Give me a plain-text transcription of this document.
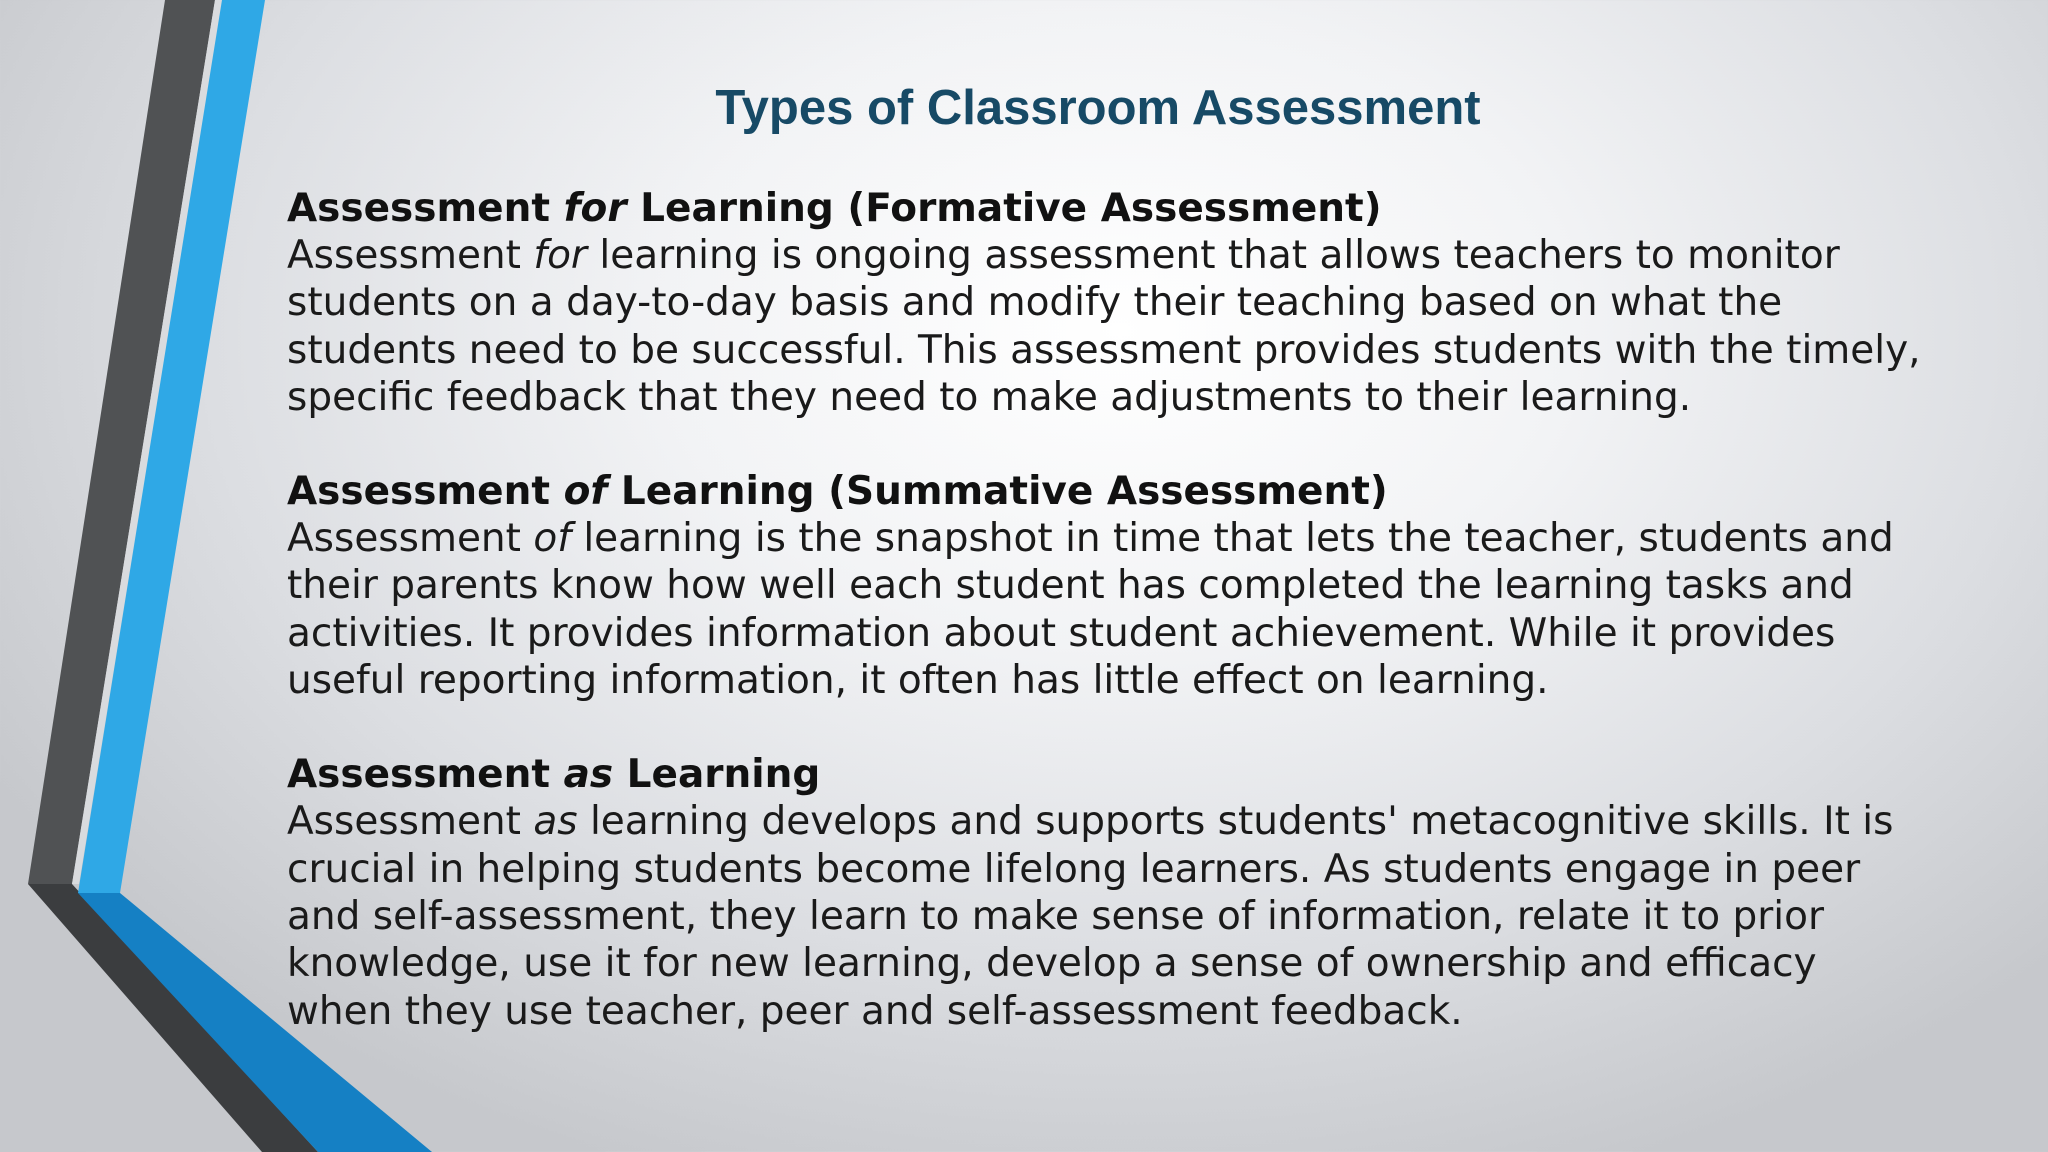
Types of Classroom Assessment
Assessment for Learning (Formative Assessment)
Assessment for learning is ongoing assessment that allows teachers to monitor
students on a day-to-day basis and modify their teaching based on what the
students need to be successful. This assessment provides students with the timely,
specific feedback that they need to make adjustments to their learning.
Assessment of Learning (Summative Assessment)
Assessment of learning is the snapshot in time that lets the teacher, students and
their parents know how well each student has completed the learning tasks and
activities. It provides information about student achievement. While it provides
useful reporting information, it often has little effect on learning.
Assessment as Learning
Assessment as learning develops and supports students' metacognitive skills. It is
crucial in helping students become lifelong learners. As students engage in peer
and self-assessment, they learn to make sense of information, relate it to prior
knowledge, use it for new learning, develop a sense of ownership and efficacy
when they use teacher, peer and self-assessment feedback.
